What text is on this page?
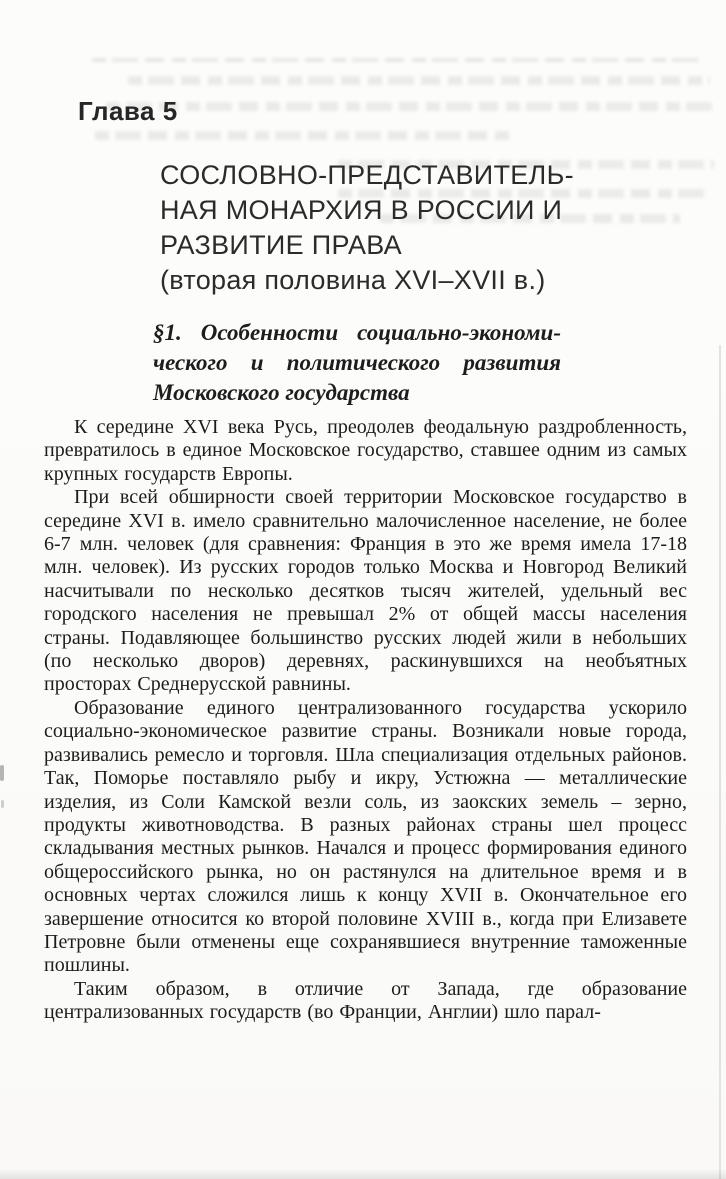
Глава 5
СОСЛОВНО-ПРЕДСТАВИТЕЛЬ-
НАЯ МОНАРХИЯ В РОССИИ И
РАЗВИТИЕ ПРАВА
(вторая половина XVI–XVII в.)
§1. Особенности социально-экономи-
ческого и политического развития
Московского государства

К середине XVI века Русь, преодолев феодальную раздробленность, превратилось в единое Московское государство, ставшее одним из самых крупных государств Европы.

При всей обширности своей территории Московское государство в середине XVI в. имело сравнительно малочисленное население, не более 6-7 млн. человек (для сравнения: Франция в это же время имела 17-18 млн. человек). Из русских городов только Москва и Новгород Великий насчитывали по несколько десятков тысяч жителей, удельный вес городского населения не превышал 2% от общей массы населения страны. Подавляющее большинство русских людей жили в небольших (по несколько дворов) деревнях, раскинувшихся на необъятных просторах Среднерусской равнины.

Образование единого централизованного государства ускорило социально-экономическое развитие страны. Возникали новые города, развивались ремесло и торговля. Шла специализация отдельных районов. Так, Поморье поставляло рыбу и икру, Устюжна — металлические изделия, из Соли Камской везли соль, из заокских земель – зерно, продукты животноводства. В разных районах страны шел процесс складывания местных рынков. Начался и процесс формирования единого общероссийского рынка, но он растянулся на длительное время и в основных чертах сложился лишь к концу XVII в. Окончательное его завершение относится ко второй половине XVIII в., когда при Елизавете Петровне были отменены еще сохранявшиеся внутренние таможенные пошлины.

Таким образом, в отличие от Запада, где образование централизованных государств (во Франции, Англии) шло парал-
